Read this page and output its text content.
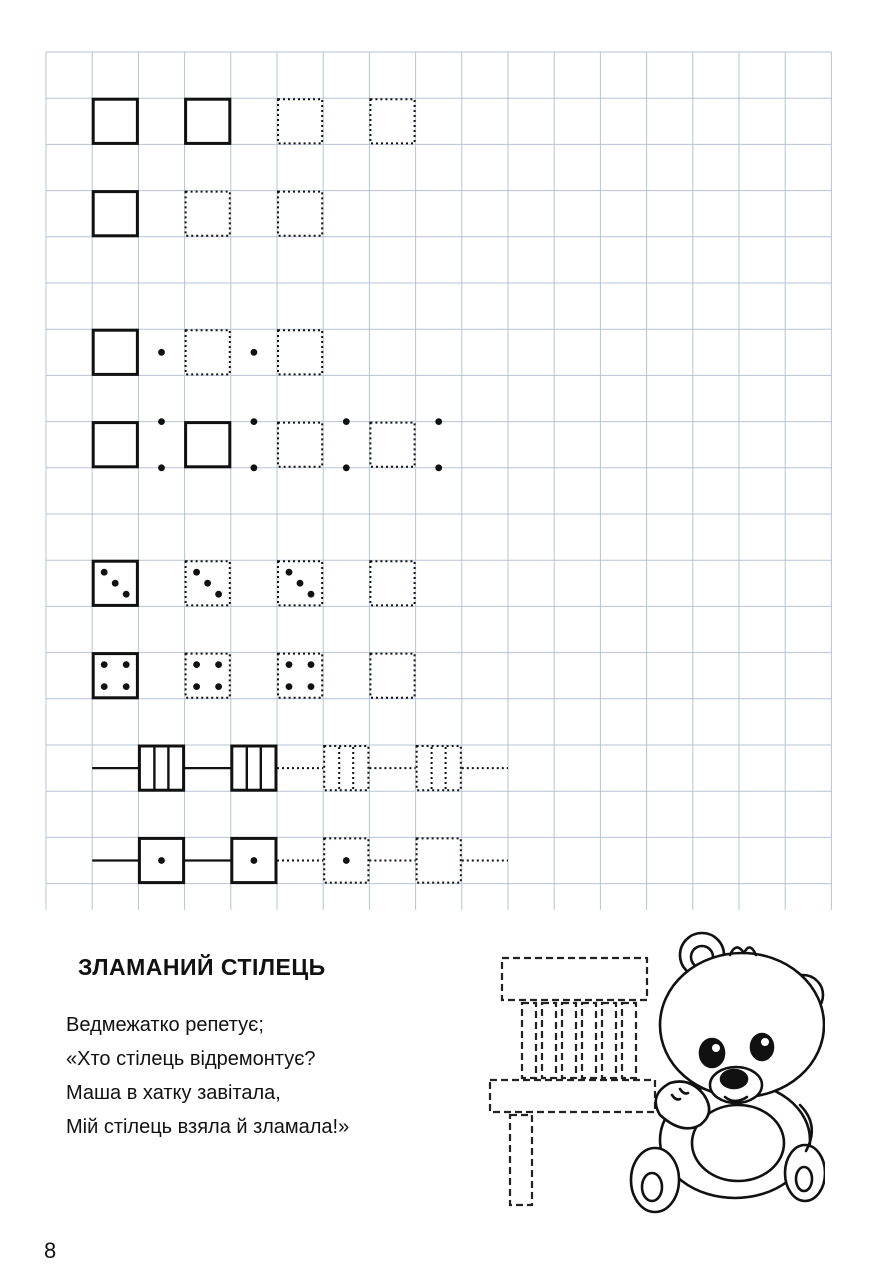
ЗЛАМАНИЙ СТІЛЕЦЬ
Ведмежатко репетує;
«Хто стілець відремонтує?
Маша в хатку завітала,
Мій стілець взяла й зламала!»
8
